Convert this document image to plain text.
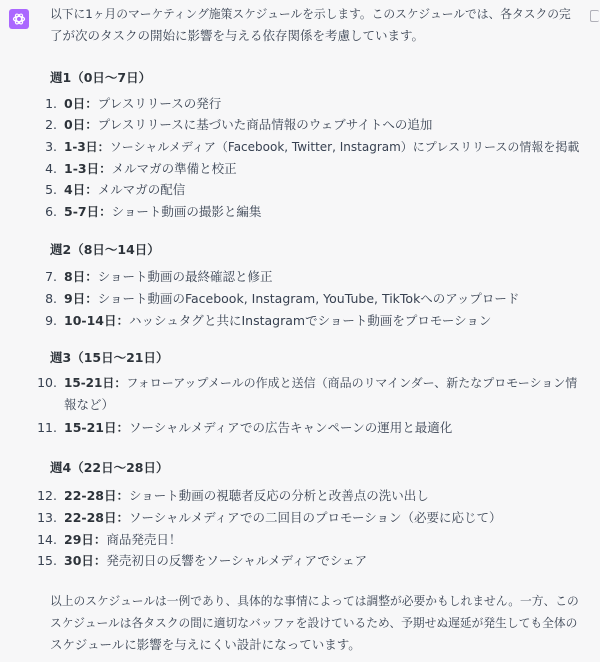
以下に1ヶ月のマーケティング施策スケジュールを示します。このスケジュールでは、各タスクの完
了が次のタスクの開始に影響を与える依存関係を考慮しています。
週1（0日〜7日）
1. 0日：プレスリリースの発行
2. 0日：プレスリリースに基づいた商品情報のウェブサイトへの追加
3. 1-3日：ソーシャルメディア（Facebook, Twitter, Instagram）にプレスリリースの情報を掲載
4. 1-3日：メルマガの準備と校正
5. 4日：メルマガの配信
6. 5-7日：ショート動画の撮影と編集
週2（8日〜14日）
7. 8日：ショート動画の最終確認と修正
8. 9日：ショート動画のFacebook, Instagram, YouTube, TikTokへのアップロード
9. 10-14日：ハッシュタグと共にInstagramでショート動画をプロモーション
週3（15日〜21日）
10. 15-21日：フォローアップメールの作成と送信（商品のリマインダー、新たなプロモーション情
報など）
11. 15-21日：ソーシャルメディアでの広告キャンペーンの運用と最適化
週4（22日〜28日）
12. 22-28日：ショート動画の視聴者反応の分析と改善点の洗い出し
13. 22-28日：ソーシャルメディアでの二回目のプロモーション（必要に応じて）
14. 29日：商品発売日！
15. 30日：発売初日の反響をソーシャルメディアでシェア
以上のスケジュールは一例であり、具体的な事情によっては調整が必要かもしれません。一方、この
スケジュールは各タスクの間に適切なバッファを設けているため、予期せぬ遅延が発生しても全体の
スケジュールに影響を与えにくい設計になっています。
